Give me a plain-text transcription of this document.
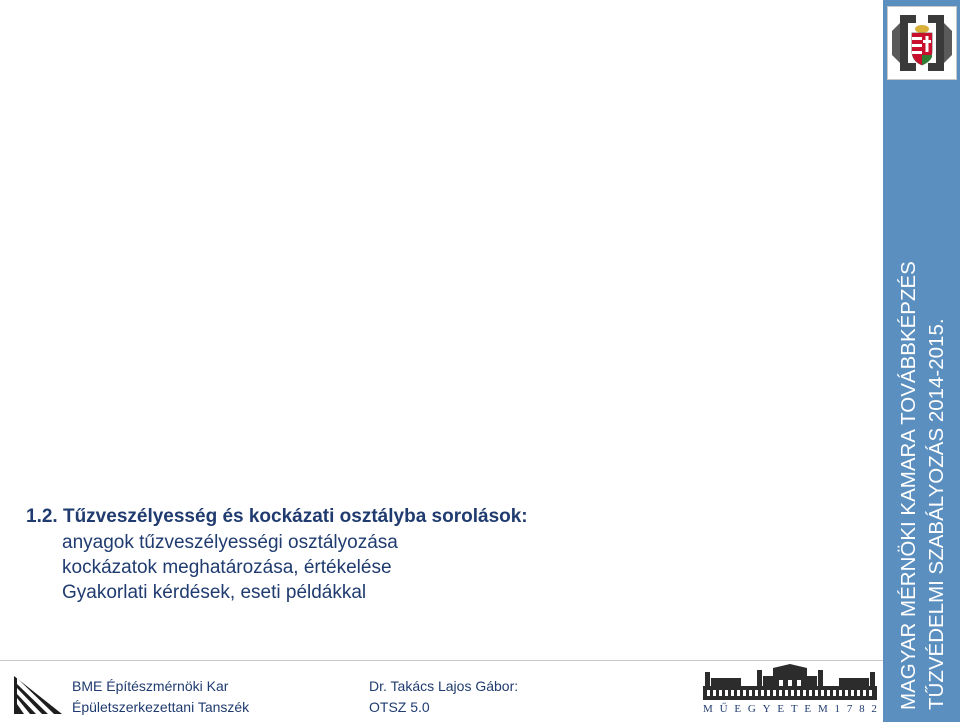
1.2. Tűzveszélyesség és kockázati osztályba sorolások:
anyagok tűzveszélyességi osztályozása
kockázatok meghatározása, értékelése
Gyakorlati kérdések, eseti példákkal
BME Építészmérnöki Kar
Épületszerkezettani Tanszék
Dr. Takács Lajos Gábor:
OTSZ 5.0	M Ű E G Y E T E M 1 7 8 2 MAGYAR MÉRNÖKI KAMARA TOVÁBBKÉPZÉS TŰZVÉDELMI SZABÁLYOZÁS 2014-2015.
